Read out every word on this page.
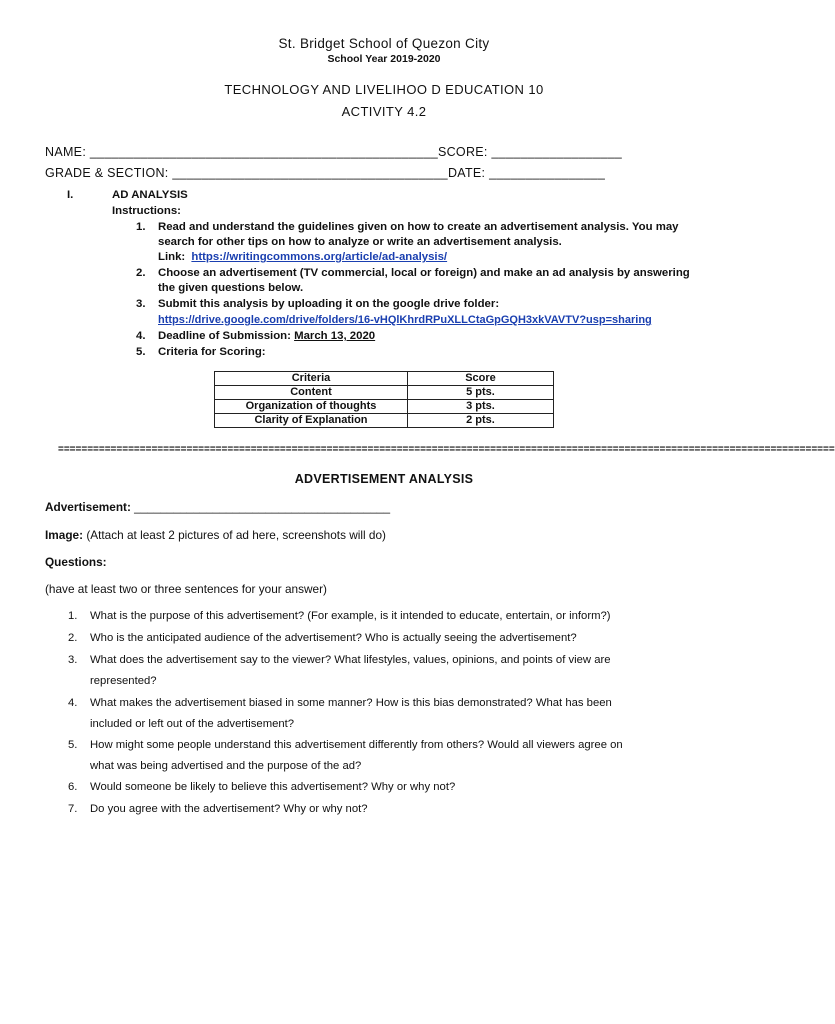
St. Bridget School of Quezon City
School Year 2019-2020
TECHNOLOGY AND LIVELIHOO D EDUCATION 10
ACTIVITY 4.2
NAME: ________________________________________________SCORE: __________________
GRADE & SECTION: ______________________________________DATE: ________________
I.	AD ANALYSIS
Instructions:
1. Read and understand the guidelines given on how to create an advertisement analysis. You may
search for other tips on how to analyze or write an advertisement analysis.
Link: https://writingcommons.org/article/ad-analysis/
2. Choose an advertisement (TV commercial, local or foreign) and make an ad analysis by answering
the given questions below.
3. Submit this analysis by uploading it on the google drive folder:
https://drive.google.com/drive/folders/16-vHQlKhrdRPuXLLCtaGpGQH3xkVAVTV?usp=sharing
4. Deadline of Submission: March 13, 2020
5. Criteria for Scoring:
Criteria	Score
Content	5 pts.
Organization of thoughts	3 pts.
Clarity of Explanation	2 pts.
=====================================================================================================================================
ADVERTISEMENT ANALYSIS
Advertisement: _______________________________________
Image: (Attach at least 2 pictures of ad here, screenshots will do)
Questions:
(have at least two or three sentences for your answer)
1. What is the purpose of this advertisement? (For example, is it intended to educate, entertain, or inform?)
2. Who is the anticipated audience of the advertisement? Who is actually seeing the advertisement?
3. What does the advertisement say to the viewer? What lifestyles, values, opinions, and points of view are
represented?
4. What makes the advertisement biased in some manner? How is this bias demonstrated? What has been
included or left out of the advertisement?
5. How might some people understand this advertisement differently from others? Would all viewers agree on
what was being advertised and the purpose of the ad?
6. Would someone be likely to believe this advertisement? Why or why not?
7. Do you agree with the advertisement? Why or why not?
